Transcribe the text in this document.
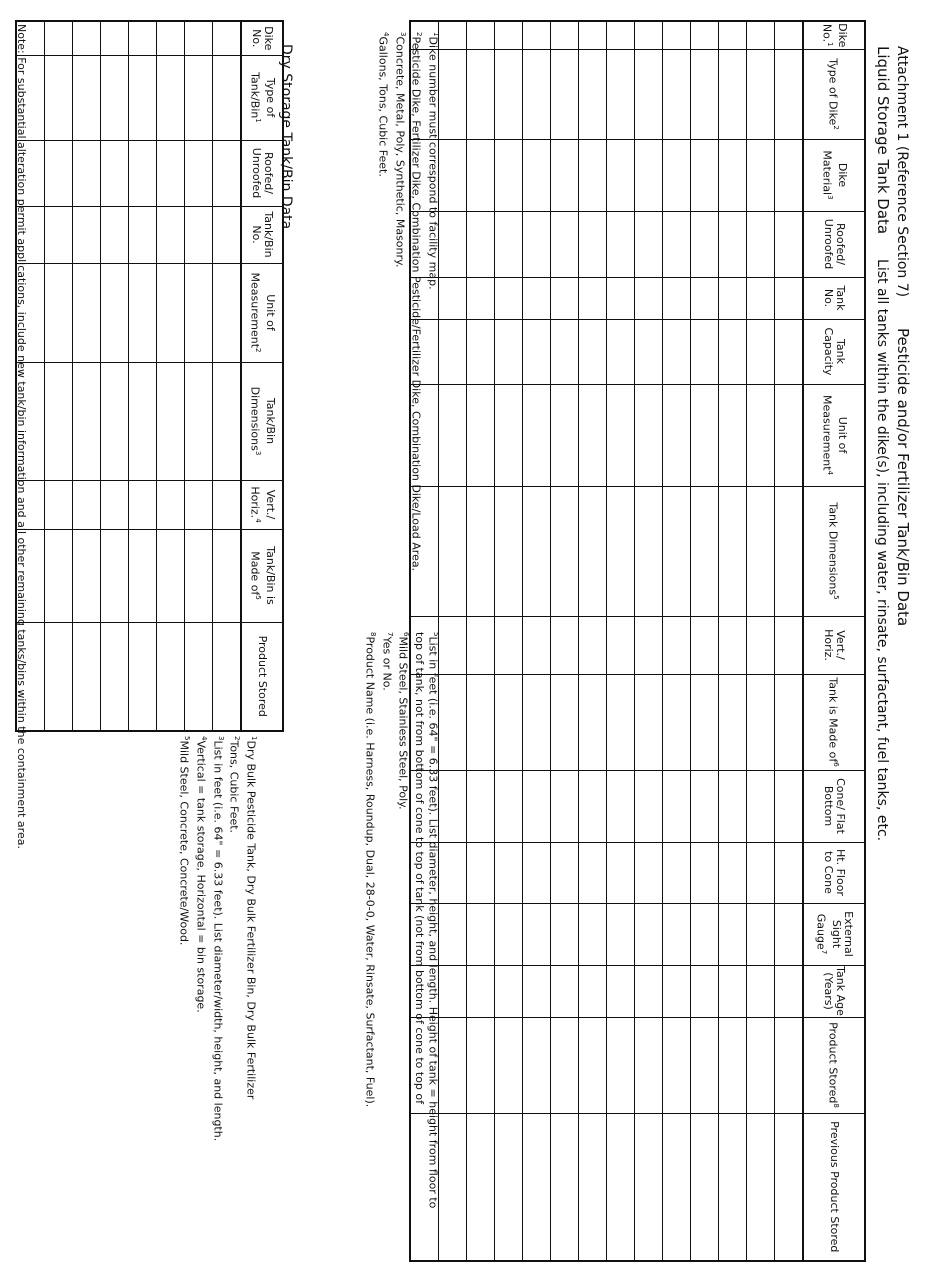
Attachment 1 (Reference Section 7)  Pesticide and/or Fertilizer Tank/Bin Data
Liquid Storage Tank Data  List all tanks within the dike(s), including water, rinsate, surfactant, fuel tanks, etc.
Dike No.$^1$	Type of Dike$^2$	Dike Material$^3$	Roofed/ Unroofed	Tank No.	Tank Capacity	Unit of Measurement$^4$	Tank Dimensions$^5$	Vert./ Horiz.	Tank is Made $of^6$	Cone/ Flat Bottom	Ht. Floor to Cone	External Sight Gauge$^7$	Tank Age (Years)	Product Stored$^8$	Previous Product Stored

$^1$Dike number must correspond to facility map.

$^2$Pesticide Dike, Fertilizer Dike, Combination Pesticide/Fertilizer Dike, Combination Dike/Load Area.

$^3$Concrete, Metal, Poly, Synthetic, Masonry.

$^4$Gallons, Tons, Cubic Feet.

$^5$List in feet (i.e. 64" = 6.33 feet). List diameter, height, and length. Height of tank = height from floor to top of tank, not from bottom of cone to top of tank (not from bottom of cone to top of

$^6$Mild Steel, Stainless Steel, Poly.

$^7$Yes or No.

$^8$Product Name (i.e. Harness, Roundup, Dual, 28-0-0, Water, Rinsate, Surfactant, Fuel).

Dry Storage Tank/Bin Data
Dike No.	Type of Tank/Bin$^1$	Roofed/ Unroofed	Tank/Bin No.	Unit of Measurement$^2$	Tank/Bin Dimensions$^3$	Vert./ Horiz.$^4$	Tank/Bin is Made $of^5$	Product Stored

$^1$Dry Bulk Pesticide Tank, Dry Bulk Fertilizer Bin, Dry Bulk Fertilizer

$^2$Tons, Cubic Feet.

$^3$List in feet (i.e. 64" = 6.33 feet). List diameter/width, height, and length.

$^4$Vertical = tank storage, Horizontal = bin storage.

$^5$Mild Steel, Concrete, Concrete/Wood.

Note: For substantial alteration permit applications, include new tank/bin information and all other remaining tanks/bins within the containment area.
